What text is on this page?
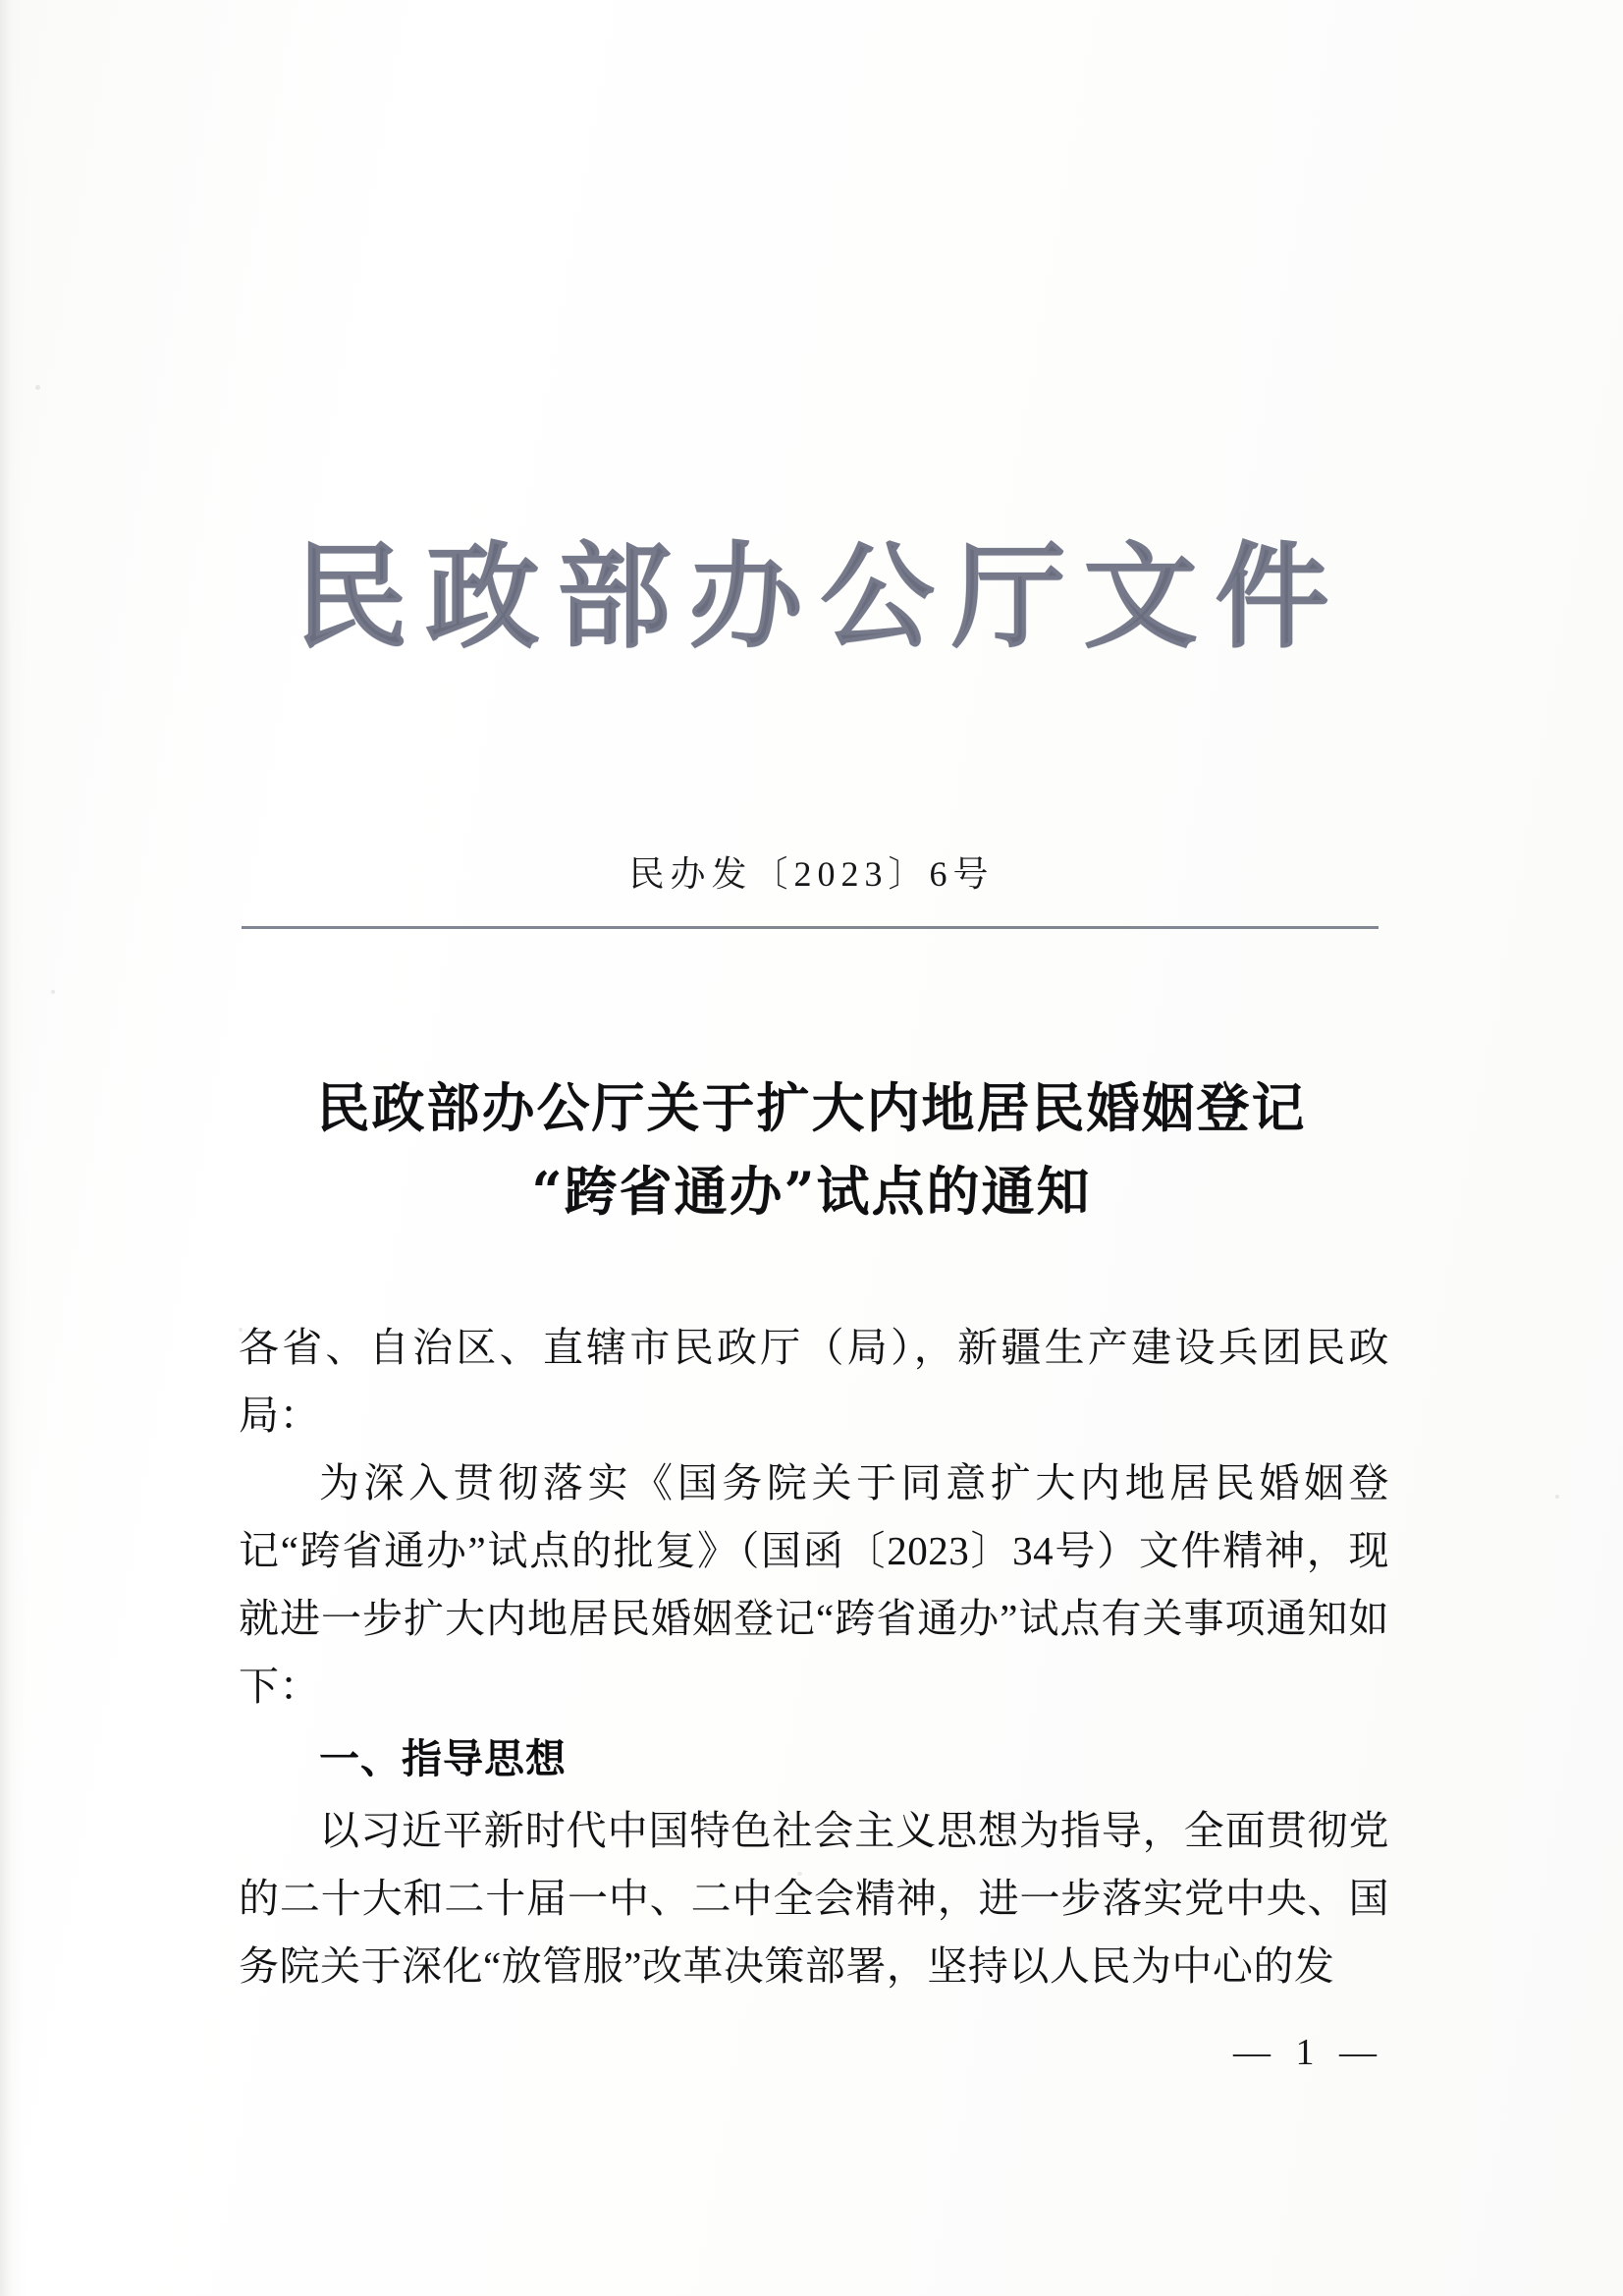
民政部办公厅文件
民办发〔2023〕6号
民政部办公厅关于扩大内地居民婚姻登记
“跨省通办”试点的通知

各省、自治区、直辖市民政厅（局），新疆生产建设兵团民政局：

为深入贯彻落实《国务院关于同意扩大内地居民婚姻登记“跨省通办”试点的批复》（国函〔2023〕34号）文件精神，现就进一步扩大内地居民婚姻登记“跨省通办”试点有关事项通知如下：

一、指导思想

以习近平新时代中国特色社会主义思想为指导，全面贯彻党的二十大和二十届一中、二中全会精神，进一步落实党中央、国务院关于深化“放管服”改革决策部署，坚持以人民为中心的发

— 1 —
